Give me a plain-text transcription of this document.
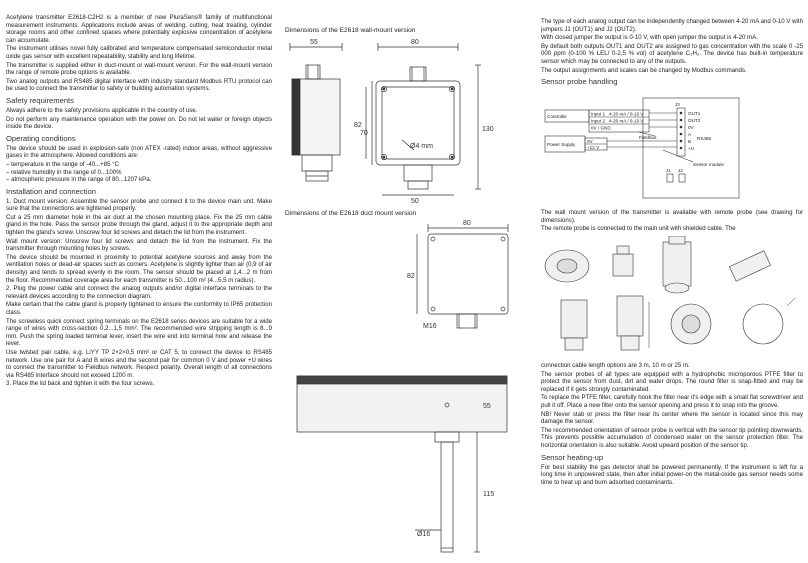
Acetylene transmitter E2618-C2H2 is a member of new PluraSens® family of multifunctional measurement instruments. Applications include areas of welding, cutting, heat treating, cylinder storage rooms and other confined spaces where potentially explosive concentration of acetylene can accumulate.

The instrument utilises novel fully calibrated and temperature compensated semiconductor metal oxide gas sensor with excellent repeatability, stability and long lifetime.

The transmitter is supplied either in duct-mount or wall-mount version. For the wall-mount version the range of remote probe options is available.

Two analog outputs and RS485 digital interface with industry standard Modbus RTU protocol can be used to connect the transmitter to safety or building automation systems.

Safety requirements

Always adhere to the safety provisions applicable in the country of use.

Do not perform any maintenance operation with the power on. Do not let water or foreign objects inside the device.

Operating conditions

The device should be used in explosion-safe (non ATEX -rated) indoor areas, without aggressive gases in the atmosphere. Allowed conditions are:

– temperature in the range of -40...+85 °C

– relative humidity in the range of 0...100%

– atmospheric pressure in the range of 80...1207 kPa.

Installation and connection

1. Duct mount version: Assemble the sensor probe and connect it to the device main unit. Make sure that the connections are tightened properly.

Cut a 25 mm diameter hole in the air duct at the chosen mounting place. Fix the 25 mm cable gland in the hole. Pass the sensor probe through the gland, adjust it to the appropriate depth and tighten the gland's screw. Unscrew four lid screws and detach the lid from the instrument.

Wall mount version: Unscrew four lid screws and detach the lid from the instrument. Fix the transmitter through mounting holes by screws.

The device should be mounted in proximity to potential acetylene sources and away from the ventilation holes or dead-air spaces such as corners. Acetylene is slightly lighter than air (0,9 of air density) and tends to spread evenly in the room. The sensor should be placed at 1,4...2 m from the floor. Recommended coverage area for each transmitter is 50...100 m² (4...5,5 m radius).

2. Plug the power cable and connect the analog outputs and/or digital interface terminals to the relevant devices according to the connection diagram.

Make certain that the cable gland is properly tightened to ensure the conformity to IP65 protection class.

The screwless quick connect spring terminals on the E2618 series devices are suitable for a wide range of wires with cross-section 0,2...1,5 mm². The recommended wire stripping length is 8...9 mm. Push the spring loaded terminal lever, insert the wire end into terminal hole and release the lever.

Use twisted pair cable, e.g. LiYY TP 2×2×0,5 mm² or CAT 5, to connect the device to RS485 network. Use one pair for A and B wires and the second pair for common 0 V and power +U wires to connect the transmitter to Fieldbus network. Respect polarity. Overall length of all connections via RS485 interface should not exceed 1200 m.

3. Place the lid back and tighten it with the four screws.

Dimensions of the E2618 wall-mount version
Dimensions of the E2618 duct mount version
55	80
82
70
130
50
Ø4 mm
80
82
M16
55
Ø16
115

The type of each analog output can be independently changed between 4-20 mA and 0-10 V with jumpers J1 (OUT1) and J2 (OUT2).

With closed jumper the output is 0-10 V, with open jumper the output is 4-20 mA.

By default both outputs OUT1 and OUT2 are assigned to gas concentration with the scale 0 -25 000 ppm (0-100 % LEL/ 0-2,5 % vol) of acetylene C₂H₂. The device has built-in temperature sensor which may be connected to any of the outputs.

The output assignments and scales can be changed by Modbus commands.

Sensor probe handling
Controller	Input 1 4-20 mA / 0-10 V
Input 2 4-20 mA / 0-10 V
0V / GND
Power Supply
0V
+12 V
Fieldbus
J3
OUT1
OUT2
0V
A
B
+U
RS485
Sensor module
J1 J2

The wall mount version of the transmitter is available with remote probe (see drawing for dimensions).

The remote probe is connected to the main unit with shielded cable. The

connection cable length options are 3 m, 10 m or 25 m.

The sensor probes of all types are equipped with a hydrophobic microporous PTFE filter to protect the sensor from dust, dirt and water drops. The round filter is snap-fitted and may be replaced if it gets strongly contaminated.

To replace the PTFE filter, carefully hook the filter near it's edge with a small flat screwdriver and pull it off. Place a new filter onto the sensor opening and press it to snap into the groove.

NB! Never stab or press the filter near its center where the sensor is located since this may damage the sensor.

The recommended orientation of sensor probe is vertical with the sensor tip pointing downwards. This prevents possible accumulation of condensed water on the sensor protection filter. The horizontal orientation is also suitable. Avoid upward position of the sensor tip.

Sensor heating-up

For best stability the gas detector shall be powered permanently. If the instrument is left for a long time in unpowered state, then after initial power-on the metal-oxide gas sensor needs some time to heat up and burn adsorbed contaminants.
